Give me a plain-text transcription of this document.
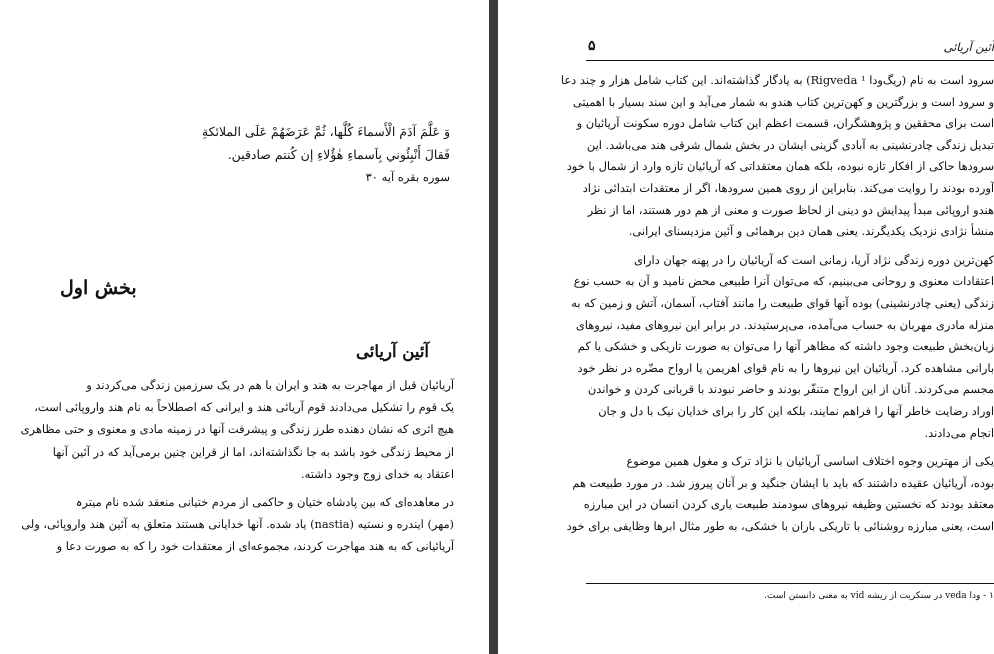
وَ عَلَّمَ آدَمَ الْأَسماءَ كُلَّها، ثُمَّ عَرَضَهُمْ عَلَى الملائكةِ
فَقالَ أَنْبِئُوني بِاَسماءِ هٰؤُلاءِ إن كُنتم صادقين.
سوره بقره آیه ۳۰
بخش اول
آئین آریائی
آریائیان قبل از مهاجرت به هند و ایران با هم در یک سرزمین زندگی می‌کردند و
یک قوم را تشکیل می‌دادند قوم آریائی هند و ایرانی که اصطلاحاً به نام هند واروپائی است،
هیچ اثری که نشان دهنده طرز زندگی و پیشرفت آنها در زمینه مادی و معنوی و حتی مظاهری
از محیط زندگی خود باشد به جا نگذاشته‌اند، اما از قراین چنین برمی‌آید که در آئین آنها
اعتقاد به خدای زوج وجود داشته.
در معاهده‌ای که بین پادشاه ختیان و حاکمی از مردم ختیانی منعقد شده نام میترہ
(مهر) ایندره و نستیه (nastia) یاد شده. آنها خدایانی هستند متعلق به آئین هند واروپائی، ولی
آریائیانی که به هند مهاجرت کردند، مجموعه‌ای از معتقدات خود را که به صورت دعا و
آئین آریائی
۵
سرود است به نام (ریگ‌ودا ¹ Rigveda) به یادگار گذاشته‌اند. این کتاب شامل هزار و چند دعا
و سرود است و بزرگترین و کهن‌ترین کتاب هندو به شمار می‌آید و این سند بسیار با اهمیتی
است برای محققین و پژوهشگران، قسمت اعظم این کتاب شامل دوره سکونت آریائیان و
تبدیل زندگی چادرنشینی به آبادی گزینی ایشان در بخش شمال شرقی هند می‌باشد. این
سرودها حاکی از افکار تازه نبوده، بلکه همان معتقداتی که آریائیان تازه وارد از شمال با خود
آورده بودند را روایت می‌کند. بنابراین از روی همین سرودها، اگر از معتقدات ابتدائی نژاد
هندو اروپائی مبدأ پیدایش دو دینی از لحاظ صورت و معنی از هم دور هستند، اما از نظر
منشأ نژادی نزدیک یکدیگرند. یعنی همان دین برهمائی و آئین مزدیسنای ایرانی.
کهن‌ترین دوره زندگی نژاد آریا، زمانی است که آریائیان را در پهنه جهان دارای
اعتقادات معنوی و روحانی می‌بینیم، که می‌توان آنرا طبیعی محض نامید و آن به حسب نوع
زندگی (یعنی چادرنشینی) بوده آنها قوای طبیعت را مانند آفتاب، آسمان، آتش و زمین که به
منزله مادری مهربان به حساب می‌آمده، می‌پرستیدند. در برابر این نیروهای مفید، نیروهای
زیان‌بخش طبیعت وجود داشته که مظاهر آنها را می‌توان به صورت تاریکی و خشکی یا کم
بارانی مشاهده کرد. آریائیان این نیروها را به نام قوای اهریمن یا ارواح مضّره در نظر خود
مجسم می‌کردند. آنان از این ارواح متنفّر بودند و حاضر نبودند با قربانی کردن و خواندن
اوراد رضایت خاطر آنها را فراهم نمایند، بلکه این کار را برای خدایان نیک با دل و جان
انجام می‌دادند.
یکی از مهترین وجوه اختلاف اساسی آریائیان با نژاد ترک و مغول همین موضوع
بوده، آریائیان عقیده داشتند که باید با ایشان جنگید و بر آنان پیروز شد. در مورد طبیعت هم
معتقد بودند که نخستین وظیفه نیروهای سودمند طبیعت یاری کردن انسان در این مبارزه
است، یعنی مبارزه روشنائی با تاریکی باران با خشکی، به طور مثال ابرها وظایفی برای خود
۱ - ودا veda در سنکریت از ریشه vid به معنی دانستن است.
